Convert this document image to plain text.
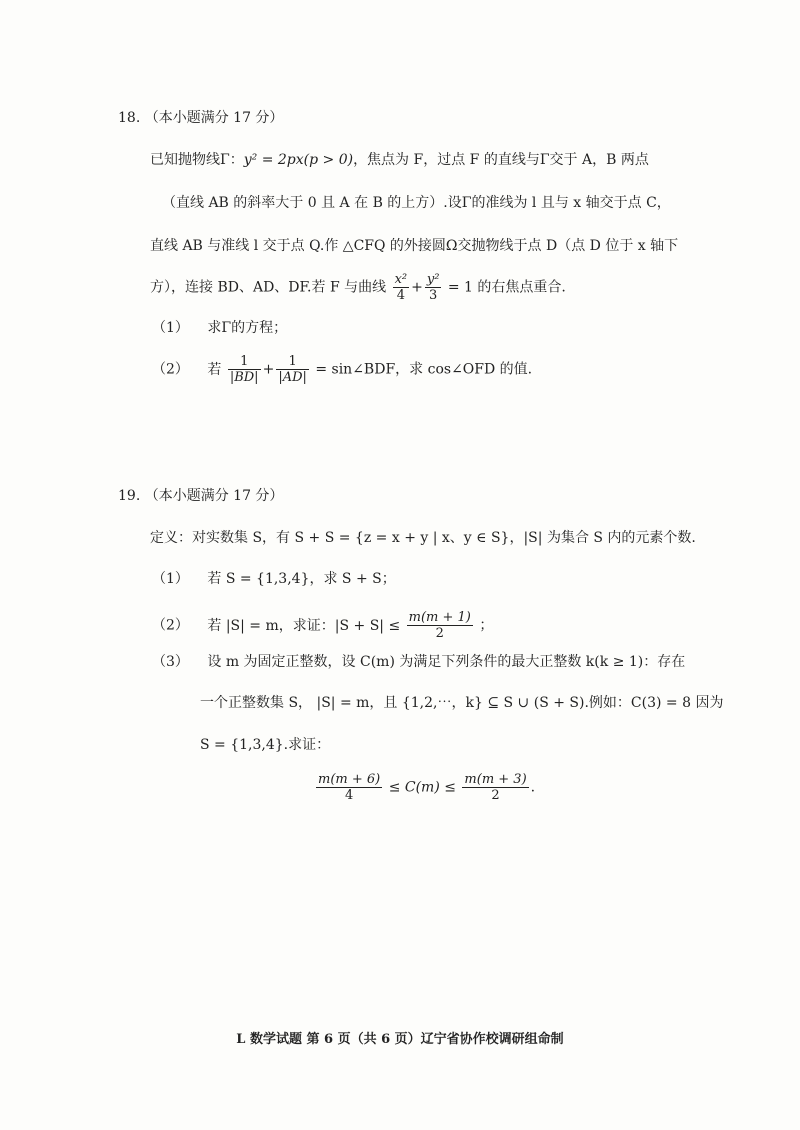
18. （本小题满分 17 分）
已知抛物线Γ：y² = 2px(p > 0)，焦点为 F，过点 F 的直线与Γ交于 A，B 两点
（直线 AB 的斜率大于 0 且 A 在 B 的上方）.设Γ的准线为 l 且与 x 轴交于点 C，
直线 AB 与准线 l 交于点 Q.作 △CFQ 的外接圆Ω交抛物线于点 D（点 D 位于 x 轴下
方），连接 BD、AD、DF.若 F 与曲线 $\frac{\text{x²}}{4} + \frac{\text{y²}}{3} = 1$ 的右焦点重合.
（1） 求Γ的方程；
（2） 若 $\frac{1}{|BD|} + \frac{1}{|AD|}$ = sin∠BDF，求 cos∠OFD 的值.
19. （本小题满分 17 分）
定义：对实数集 S，有 S + S = {z = x + y | x、y ∈ S}，|S| 为集合 S 内的元素个数.
（1） 若 S = {1,3,4}，求 S + S；
（2） 若 |S| = m，求证：$|S + S| \le \frac{m(m + 1)}{2}$ ；
（3） 设 m 为固定正整数，设 C(m) 为满足下列条件的最大正整数 k(k ≥ 1)：存在
一个正整数集 S， |S| = m，且 {1,2,⋯，k} ⊆ S ∪ (S + S).例如：C(3) = 8 因为
S = {1,3,4}.求证：
$\frac{m(m + 6)}{4} \le C(m) \le \frac{m(m + 3)}{2}$ .
L 数学试题 第 6 页（共 6 页）辽宁省协作校调研组命制
